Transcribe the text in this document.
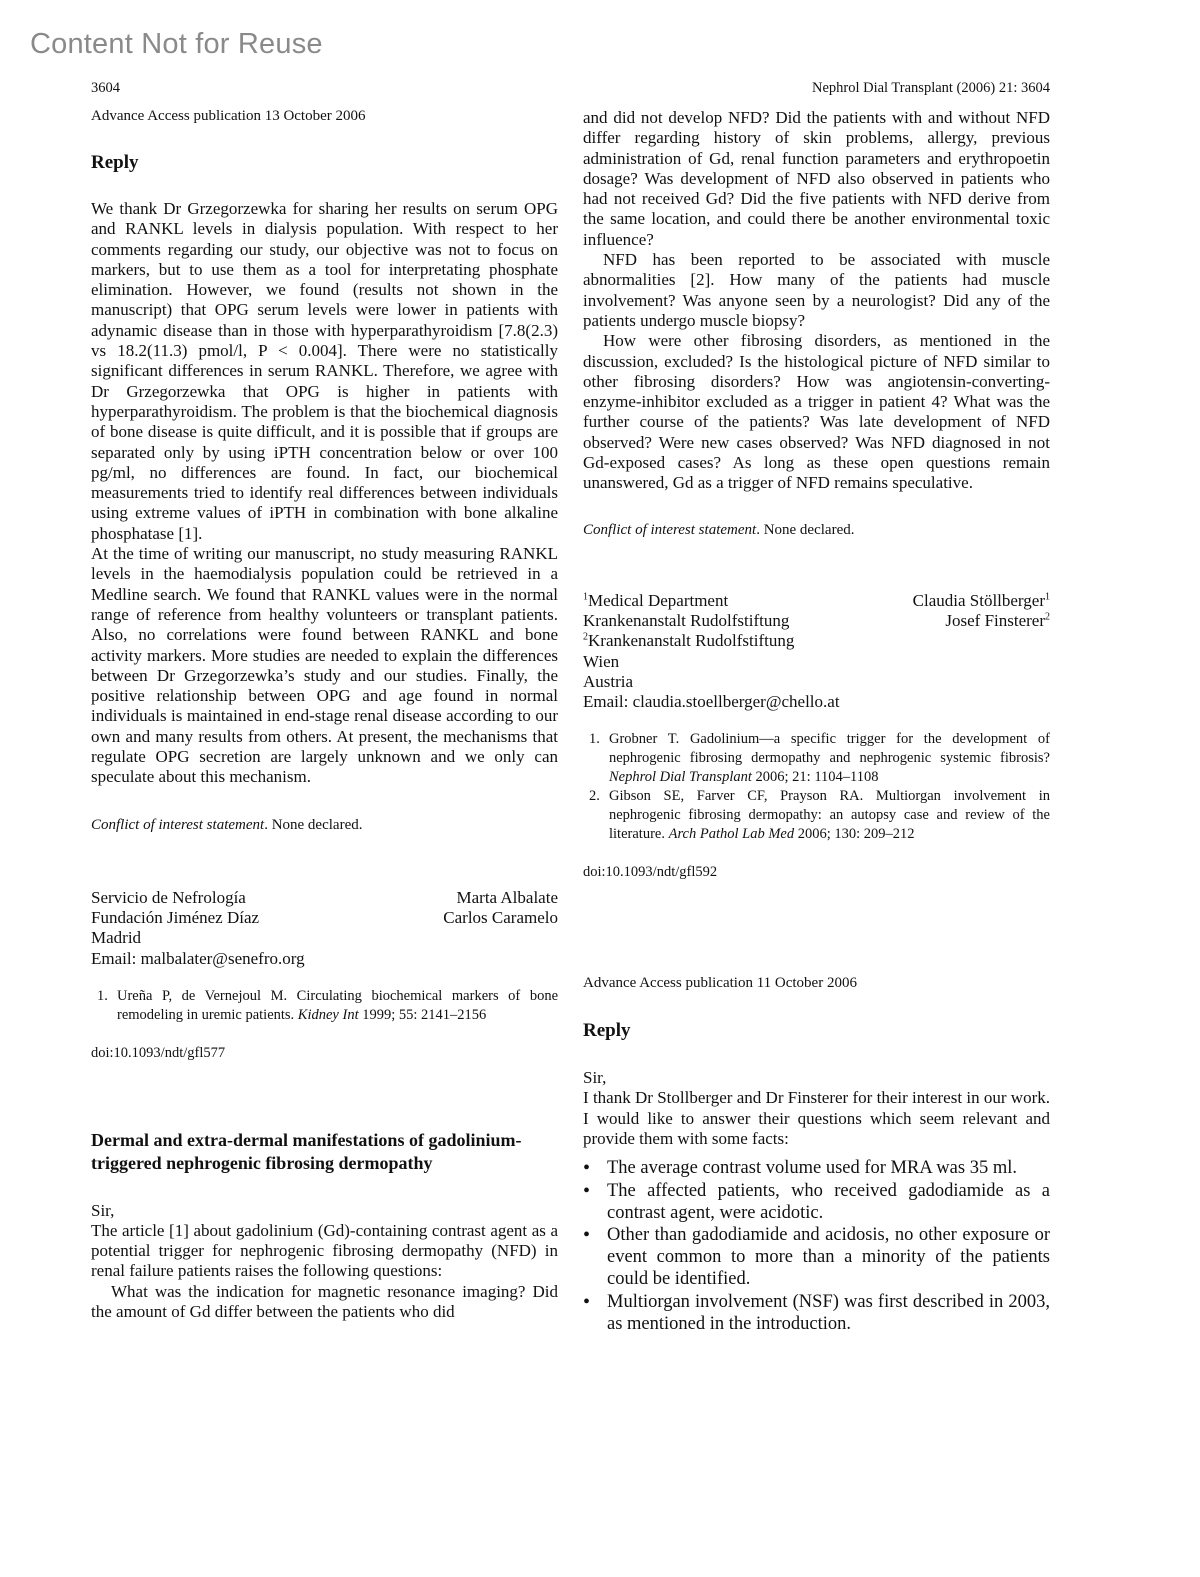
Content Not for Reuse
3604	Nephrol Dial Transplant (2006) 21: 3604

Advance Access publication 13 October 2006

Reply

We thank Dr Grzegorzewka for sharing her results on serum OPG and RANKL levels in dialysis population. With respect to her comments regarding our study, our objective was not to focus on markers, but to use them as a tool for interpretating phosphate elimination. However, we found (results not shown in the manuscript) that OPG serum levels were lower in patients with adynamic disease than in those with hyperparathyroidism [7.8(2.3) vs 18.2(11.3) pmol/l, P < 0.004]. There were no statistically significant differences in serum RANKL. Therefore, we agree with Dr Grzegorzewka that OPG is higher in patients with hyperparathyroidism. The problem is that the biochemical diagnosis of bone disease is quite difficult, and it is possible that if groups are separated only by using iPTH concentration below or over 100 pg/ml, no differences are found. In fact, our biochemical measurements tried to identify real differences between individuals using extreme values of iPTH in combination with bone alkaline phosphatase [1].

At the time of writing our manuscript, no study measuring RANKL levels in the haemodialysis population could be retrieved in a Medline search. We found that RANKL values were in the normal range of reference from healthy volunteers or transplant patients. Also, no correlations were found between RANKL and bone activity markers. More studies are needed to explain the differences between Dr Grzegorzewka’s study and our studies. Finally, the positive relationship between OPG and age found in normal individuals is maintained in end-stage renal disease according to our own and many results from others. At present, the mechanisms that regulate OPG secretion are largely unknown and we only can speculate about this mechanism.

Conflict of interest statement. None declared.

Servicio de Nefrología
Fundación Jiménez Díaz
Madrid
Marta Albalate
Carlos Caramelo
Email: malbalater@senefro.org
1. Ureña P, de Vernejoul M. Circulating biochemical markers of bone remodeling in uremic patients. Kidney Int 1999; 55: 2141–2156

doi:10.1093/ndt/gfl577

Dermal and extra-dermal manifestations of gadolinium-triggered nephrogenic fibrosing dermopathy

Sir,

The article [1] about gadolinium (Gd)-containing contrast agent as a potential trigger for nephrogenic fibrosing dermopathy (NFD) in renal failure patients raises the following questions:

What was the indication for magnetic resonance imaging? Did the amount of Gd differ between the patients who did

and did not develop NFD? Did the patients with and without NFD differ regarding history of skin problems, allergy, previous administration of Gd, renal function parameters and erythropoetin dosage? Was development of NFD also observed in patients who had not received Gd? Did the five patients with NFD derive from the same location, and could there be another environmental toxic influence?

NFD has been reported to be associated with muscle abnormalities [2]. How many of the patients had muscle involvement? Was anyone seen by a neurologist? Did any of the patients undergo muscle biopsy?

How were other fibrosing disorders, as mentioned in the discussion, excluded? Is the histological picture of NFD similar to other fibrosing disorders? How was angiotensin-converting-enzyme-inhibitor excluded as a trigger in patient 4? What was the further course of the patients? Was late development of NFD observed? Were new cases observed? Was NFD diagnosed in not Gd-exposed cases? As long as these open questions remain unanswered, Gd as a trigger of NFD remains speculative.

Conflict of interest statement. None declared.

$^1$Medical Department
Krankenanstalt Rudolfstiftung
$^2$Krankenanstalt Rudolfstiftung
Wien
Austria
Claudia Stöllberger$^1$
Josef Finsterer$^2$
Email: claudia.stoellberger@chello.at
1. Grobner T. Gadolinium—a specific trigger for the development of nephrogenic fibrosing dermopathy and nephrogenic systemic fibrosis? Nephrol Dial Transplant 2006; 21: 1104–1108
2. Gibson SE, Farver CF, Prayson RA. Multiorgan involvement in nephrogenic fibrosing dermopathy: an autopsy case and review of the literature. Arch Pathol Lab Med 2006; 130: 209–212

doi:10.1093/ndt/gfl592

Advance Access publication 11 October 2006

Reply

Sir,

I thank Dr Stollberger and Dr Finsterer for their interest in our work. I would like to answer their questions which seem relevant and provide them with some facts:

• The average contrast volume used for MRA was 35 ml.
• The affected patients, who received gadodiamide as a contrast agent, were acidotic.
• Other than gadodiamide and acidosis, no other exposure or event common to more than a minority of the patients could be identified.
• Multiorgan involvement (NSF) was first described in 2003, as mentioned in the introduction.
